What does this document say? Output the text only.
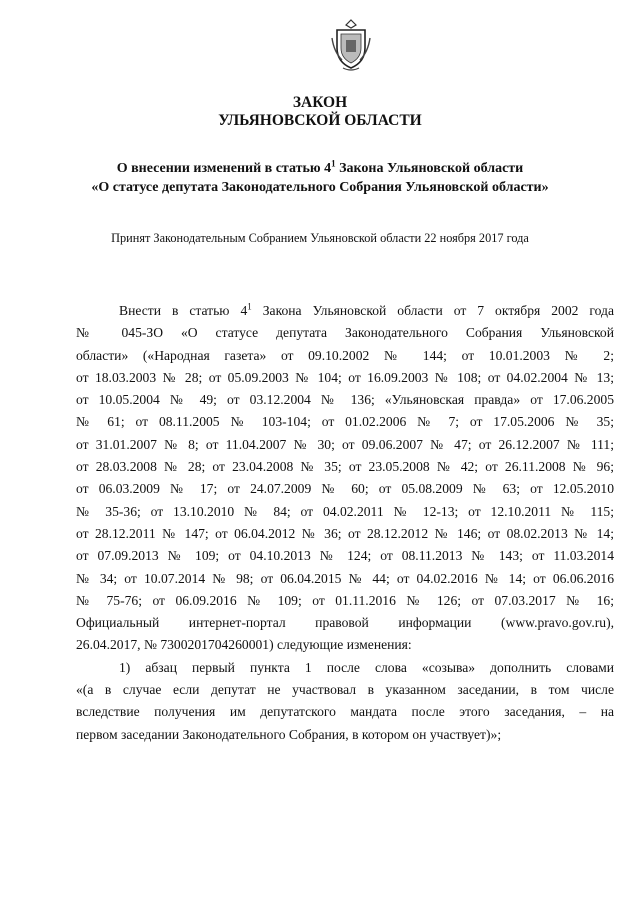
ЗАКОН
УЛЬЯНОВСКОЙ ОБЛАСТИ
О внесении изменений в статью $4^1$ Закона Ульяновской области
«О статусе депутата Законодательного Собрания Ульяновской области»
Принят Законодательным Собранием Ульяновской области 22 ноября 2017 года
Внести в статью $4^1$ Закона Ульяновской области от 7 октября 2002 года
№ 045-ЗО «О статусе депутата Законодательного Собрания Ульяновской
области» («Народная газета» от 09.10.2002 № 144; от 10.01.2003 № 2;
от 18.03.2003 № 28; от 05.09.2003 № 104; от 16.09.2003 № 108; от 04.02.2004 № 13;
от 10.05.2004 № 49; от 03.12.2004 № 136; «Ульяновская правда» от 17.06.2005
№ 61; от 08.11.2005 № 103-104; от 01.02.2006 № 7; от 17.05.2006 № 35;
от 31.01.2007 № 8; от 11.04.2007 № 30; от 09.06.2007 № 47; от 26.12.2007 № 111;
от 28.03.2008 № 28; от 23.04.2008 № 35; от 23.05.2008 № 42; от 26.11.2008 № 96;
от 06.03.2009 № 17; от 24.07.2009 № 60; от 05.08.2009 № 63; от 12.05.2010
№ 35-36; от 13.10.2010 № 84; от 04.02.2011 № 12-13; от 12.10.2011 № 115;
от 28.12.2011 № 147; от 06.04.2012 № 36; от 28.12.2012 № 146; от 08.02.2013 № 14;
от 07.09.2013 № 109; от 04.10.2013 № 124; от 08.11.2013 № 143; от 11.03.2014
№ 34; от 10.07.2014 № 98; от 06.04.2015 № 44; от 04.02.2016 № 14; от 06.06.2016
№ 75-76; от 06.09.2016 № 109; от 01.11.2016 № 126; от 07.03.2017 № 16;
Официальный интернет-портал правовой информации (www.pravo.gov.ru),
26.04.2017, № 7300201704260001) следующие изменения:
1) абзац первый пункта 1 после слова «созыва» дополнить словами
«(а в случае если депутат не участвовал в указанном заседании, в том числе
вследствие получения им депутатского мандата после этого заседания, – на
первом заседании Законодательного Собрания, в котором он участвует)»;
